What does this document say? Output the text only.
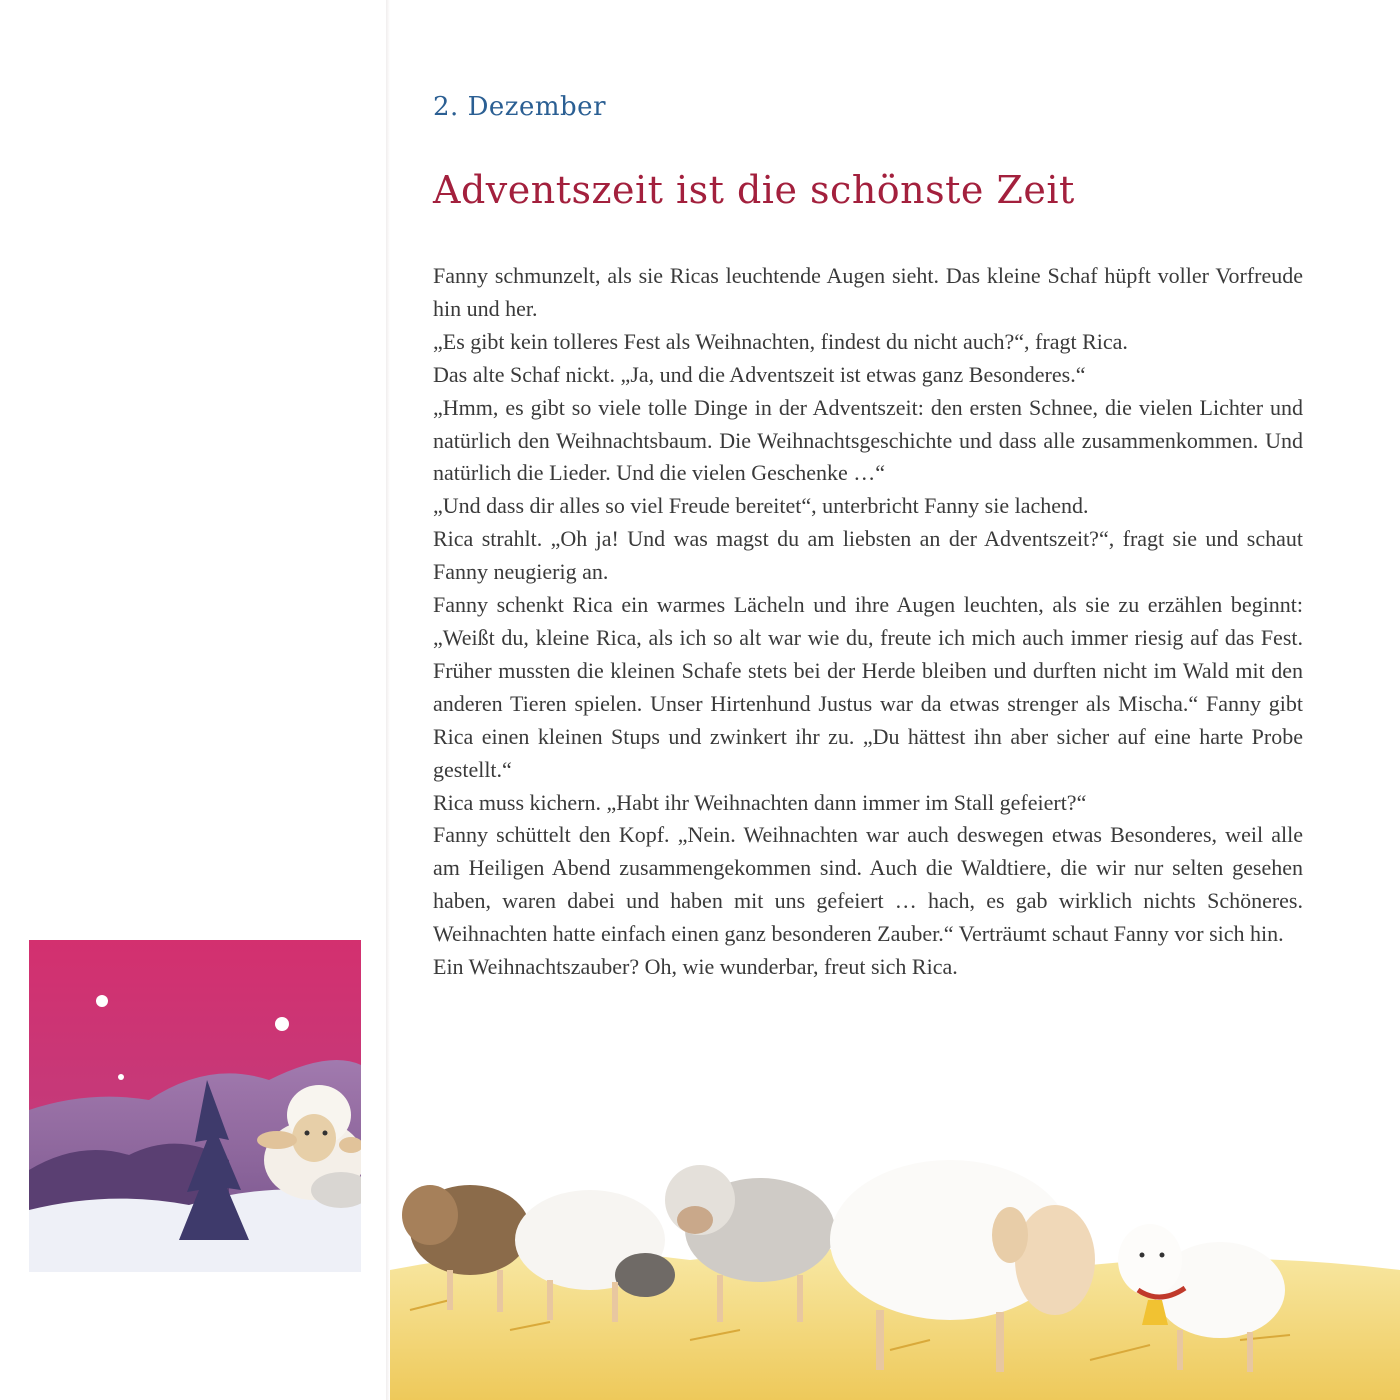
2. Dezember
Adventszeit ist die schönste Zeit

Fanny schmunzelt, als sie Ricas leuchtende Augen sieht. Das kleine Schaf hüpft voller Vorfreude hin und her.

„Es gibt kein tolleres Fest als Weihnachten, findest du nicht auch?“, fragt Rica.

Das alte Schaf nickt. „Ja, und die Adventszeit ist etwas ganz Besonderes.“

„Hmm, es gibt so viele tolle Dinge in der Adventszeit: den ersten Schnee, die vielen Lichter und natürlich den Weihnachtsbaum. Die Weihnachtsgeschichte und dass alle zusammenkommen. Und natürlich die Lieder. Und die vielen Geschenke …“

„Und dass dir alles so viel Freude bereitet“, unterbricht Fanny sie lachend.

Rica strahlt. „Oh ja! Und was magst du am liebsten an der Adventszeit?“, fragt sie und schaut Fanny neugierig an.

Fanny schenkt Rica ein warmes Lächeln und ihre Augen leuchten, als sie zu erzählen beginnt: „Weißt du, kleine Rica, als ich so alt war wie du, freute ich mich auch immer riesig auf das Fest. Früher mussten die kleinen Schafe stets bei der Herde bleiben und durften nicht im Wald mit den anderen Tieren spielen. Unser Hirtenhund Justus war da etwas strenger als Mischa.“ Fanny gibt Rica einen kleinen Stups und zwinkert ihr zu. „Du hättest ihn aber sicher auf eine harte Probe gestellt.“

Rica muss kichern. „Habt ihr Weihnachten dann immer im Stall gefeiert?“

Fanny schüttelt den Kopf. „Nein. Weihnachten war auch deswegen etwas Besonderes, weil alle am Heiligen Abend zusammengekommen sind. Auch die Waldtiere, die wir nur selten gesehen haben, waren dabei und haben mit uns gefeiert … hach, es gab wirklich nichts Schöneres. Weihnachten hatte einfach einen ganz besonderen Zauber.“ Verträumt schaut Fanny vor sich hin.

Ein Weihnachtszauber? Oh, wie wunderbar, freut sich Rica.
